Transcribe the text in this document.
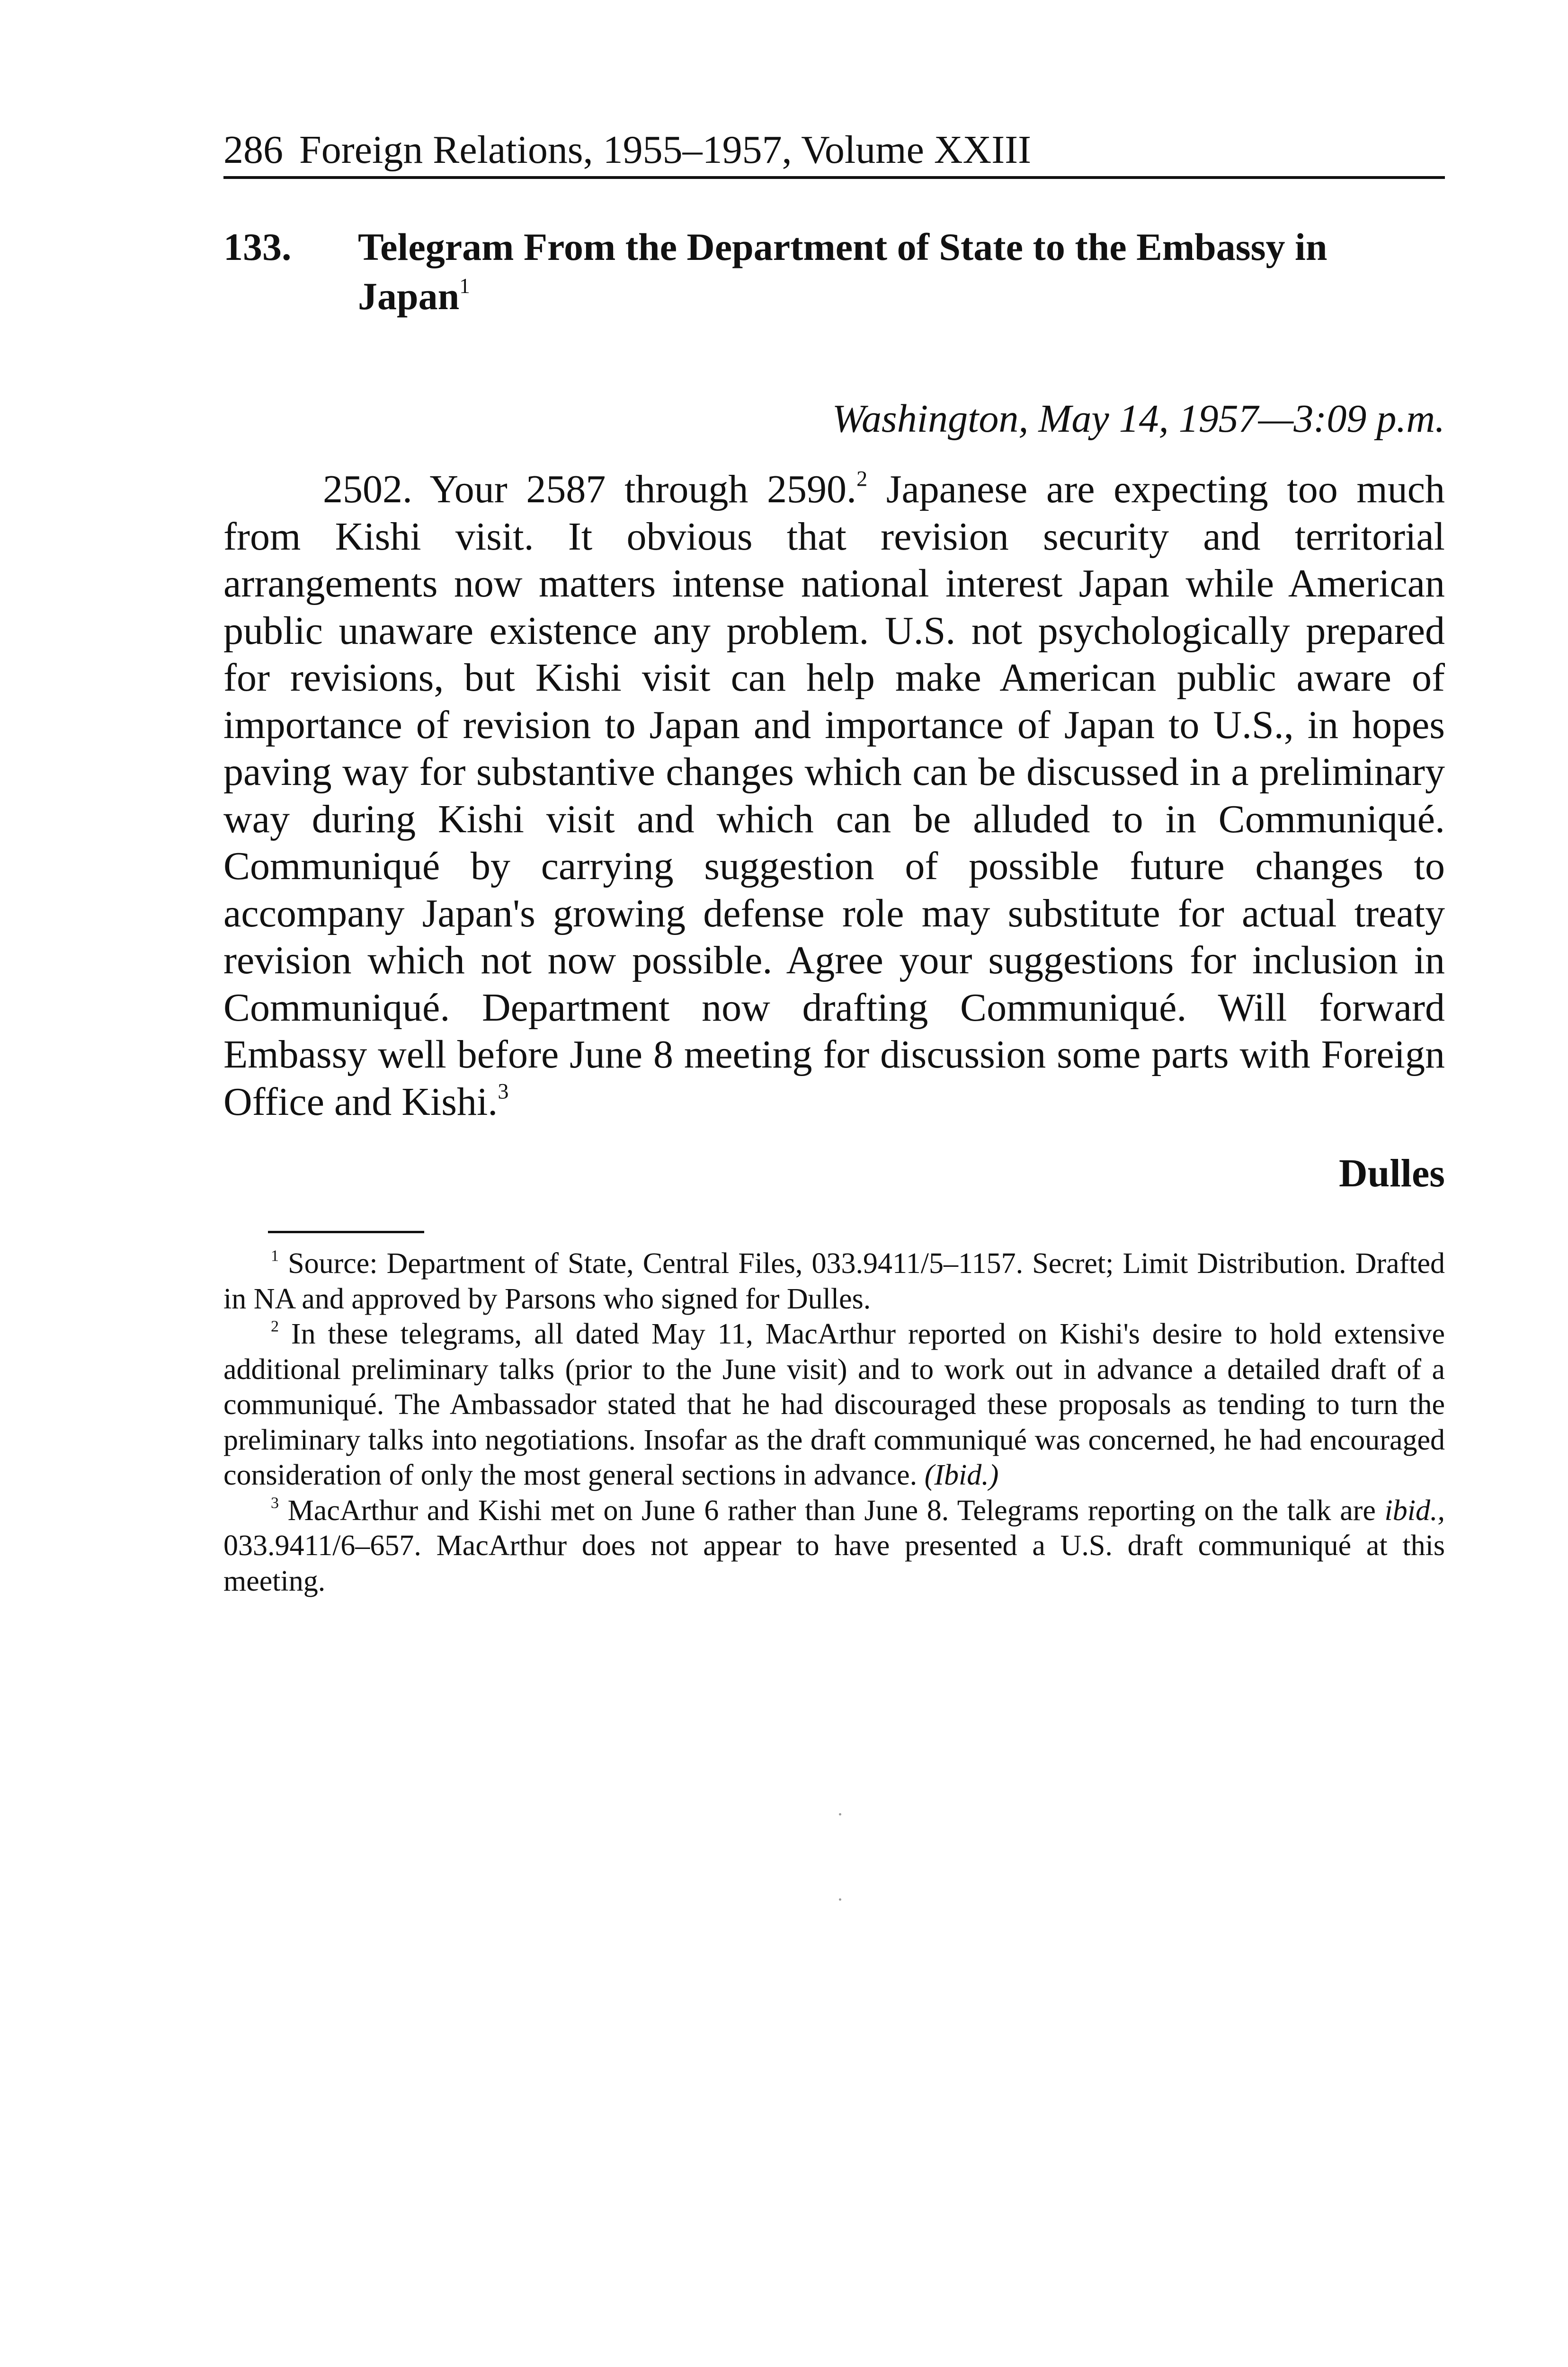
286 Foreign Relations, 1955–1957, Volume XXIII
133. Telegram From the Department of State to the Embassy in Japan$^1$
Washington, May 14, 1957—3:09 p.m.

2502. Your 2587 through 2590.$^2$ Japanese are expecting too much from Kishi visit. It obvious that revision security and territorial arrangements now matters intense national interest Japan while American public unaware existence any problem. U.S. not psychologically prepared for revisions, but Kishi visit can help make American public aware of importance of revision to Japan and importance of Japan to U.S., in hopes paving way for substantive changes which can be discussed in a preliminary way during Kishi visit and which can be alluded to in Communiqué. Communiqué by carrying suggestion of possible future changes to accompany Japan's growing defense role may substitute for actual treaty revision which not now possible. Agree your suggestions for inclusion in Communiqué. Department now drafting Communiqué. Will forward Embassy well before June 8 meeting for discussion some parts with Foreign Office and Kishi.$^3$

Dulles

$^1$ Source: Department of State, Central Files, 033.9411/5–1157. Secret; Limit Distribution. Drafted in NA and approved by Parsons who signed for Dulles.

$^2$ In these telegrams, all dated May 11, MacArthur reported on Kishi's desire to hold extensive additional preliminary talks (prior to the June visit) and to work out in advance a detailed draft of a communiqué. The Ambassador stated that he had discouraged these proposals as tending to turn the preliminary talks into negotiations. Insofar as the draft communiqué was concerned, he had encouraged consideration of only the most general sections in advance. (Ibid.)

$^3$ MacArthur and Kishi met on June 6 rather than June 8. Telegrams reporting on the talk are ibid., 033.9411/6–657. MacArthur does not appear to have presented a U.S. draft communiqué at this meeting.
